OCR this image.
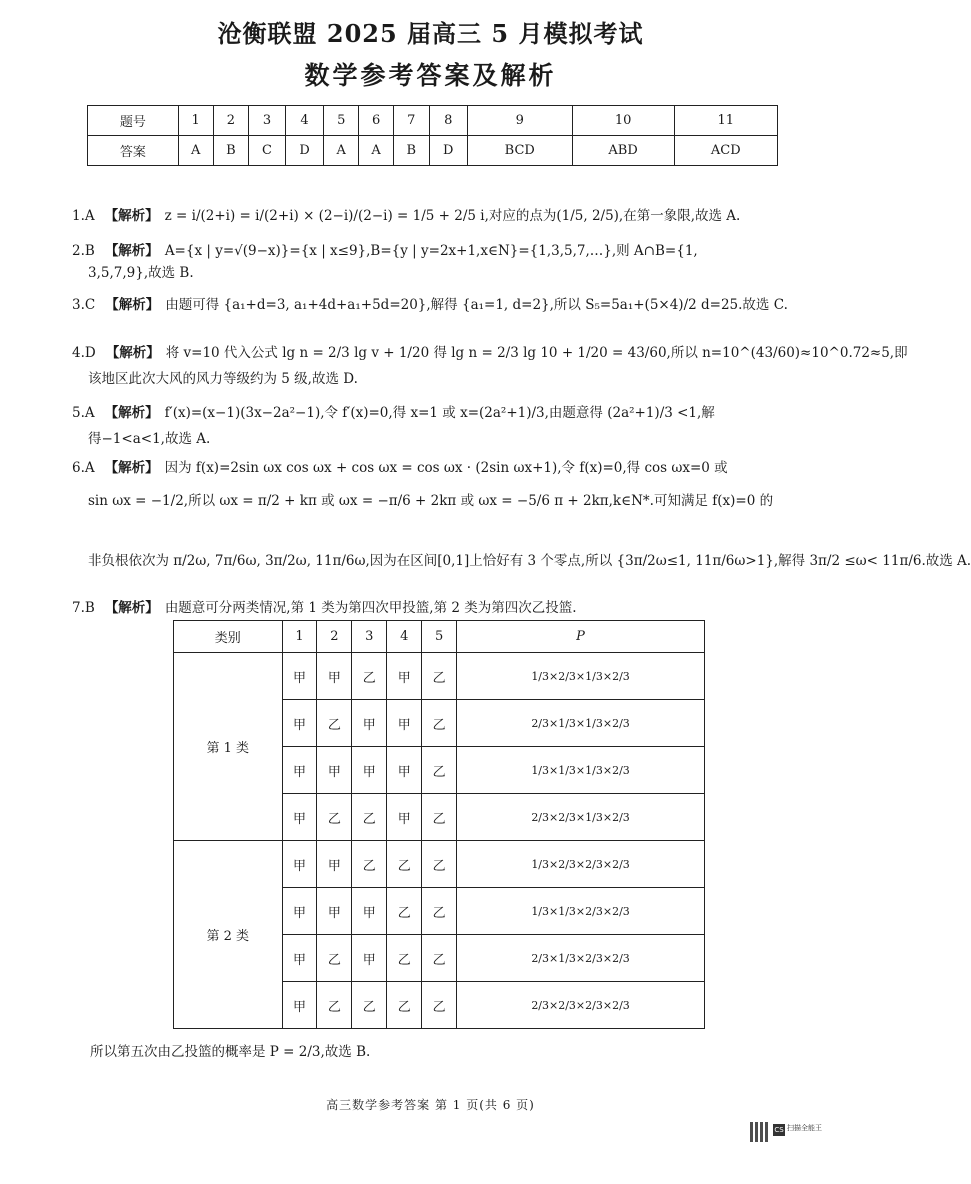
沧衡联盟 2025 届高三 5 月模拟考试
数学参考答案及解析
题号	1	2	3	4	5	6	7	8	9	10	11
答案	A	B	C	D	A	A	B	D	BCD	ABD	ACD
1.A 【解析】 z = i/(2+i) = i/(2+i) × (2−i)/(2−i) = 1/5 + 2/5 i,对应的点为(1/5, 2/5),在第一象限,故选 A.
2.B 【解析】 A={x | y=√(9−x)}={x | x≤9},B={y | y=2x+1,x∈N}={1,3,5,7,…},则 A∩B={1,
3,5,7,9},故选 B.
3.C 【解析】 由题可得 {a₁+d=3, a₁+4d+a₁+5d=20},解得 {a₁=1, d=2},所以 S₅=5a₁+(5×4)/2 d=25.故选 C.
4.D 【解析】 将 v=10 代入公式 lg n = 2/3 lg v + 1/20 得 lg n = 2/3 lg 10 + 1/20 = 43/60,所以 n=10^(43/60)≈10^0.72≈5,即
该地区此次大风的风力等级约为 5 级,故选 D.
5.A 【解析】 f′(x)=(x−1)(3x−2a²−1),令 f′(x)=0,得 x=1 或 x=(2a²+1)/3,由题意得 (2a²+1)/3 <1,解
得−1<a<1,故选 A.
6.A 【解析】 因为 f(x)=2sin ωx cos ωx + cos ωx = cos ωx · (2sin ωx+1),令 f(x)=0,得 cos ωx=0 或
sin ωx = −1/2,所以 ωx = π/2 + kπ 或 ωx = −π/6 + 2kπ 或 ωx = −5/6 π + 2kπ,k∈N*.可知满足 f(x)=0 的
非负根依次为 π/2ω, 7π/6ω, 3π/2ω, 11π/6ω,因为在区间[0,1]上恰好有 3 个零点,所以 {3π/2ω≤1, 11π/6ω>1},解得 3π/2 ≤ω< 11π/6.故选 A.
7.B 【解析】 由题意可分两类情况,第 1 类为第四次甲投篮,第 2 类为第四次乙投篮.
类别	1	2	3	4	5	P
第 1 类	甲	甲	乙	甲	乙	1/3×2/3×1/3×2/3
	甲	乙	甲	甲	乙	2/3×1/3×1/3×2/3
	甲	甲	甲	甲	乙	1/3×1/3×1/3×2/3
	甲	乙	乙	甲	乙	2/3×2/3×1/3×2/3
第 2 类	甲	甲	乙	乙	乙	1/3×2/3×2/3×2/3
	甲	甲	甲	乙	乙	1/3×1/3×2/3×2/3
	甲	乙	甲	乙	乙	2/3×1/3×2/3×2/3
	甲	乙	乙	乙	乙	2/3×2/3×2/3×2/3
所以第五次由乙投篮的概率是 P = 2/3,故选 B.
高三数学参考答案 第 1 页(共 6 页)
CS 扫描全能王
